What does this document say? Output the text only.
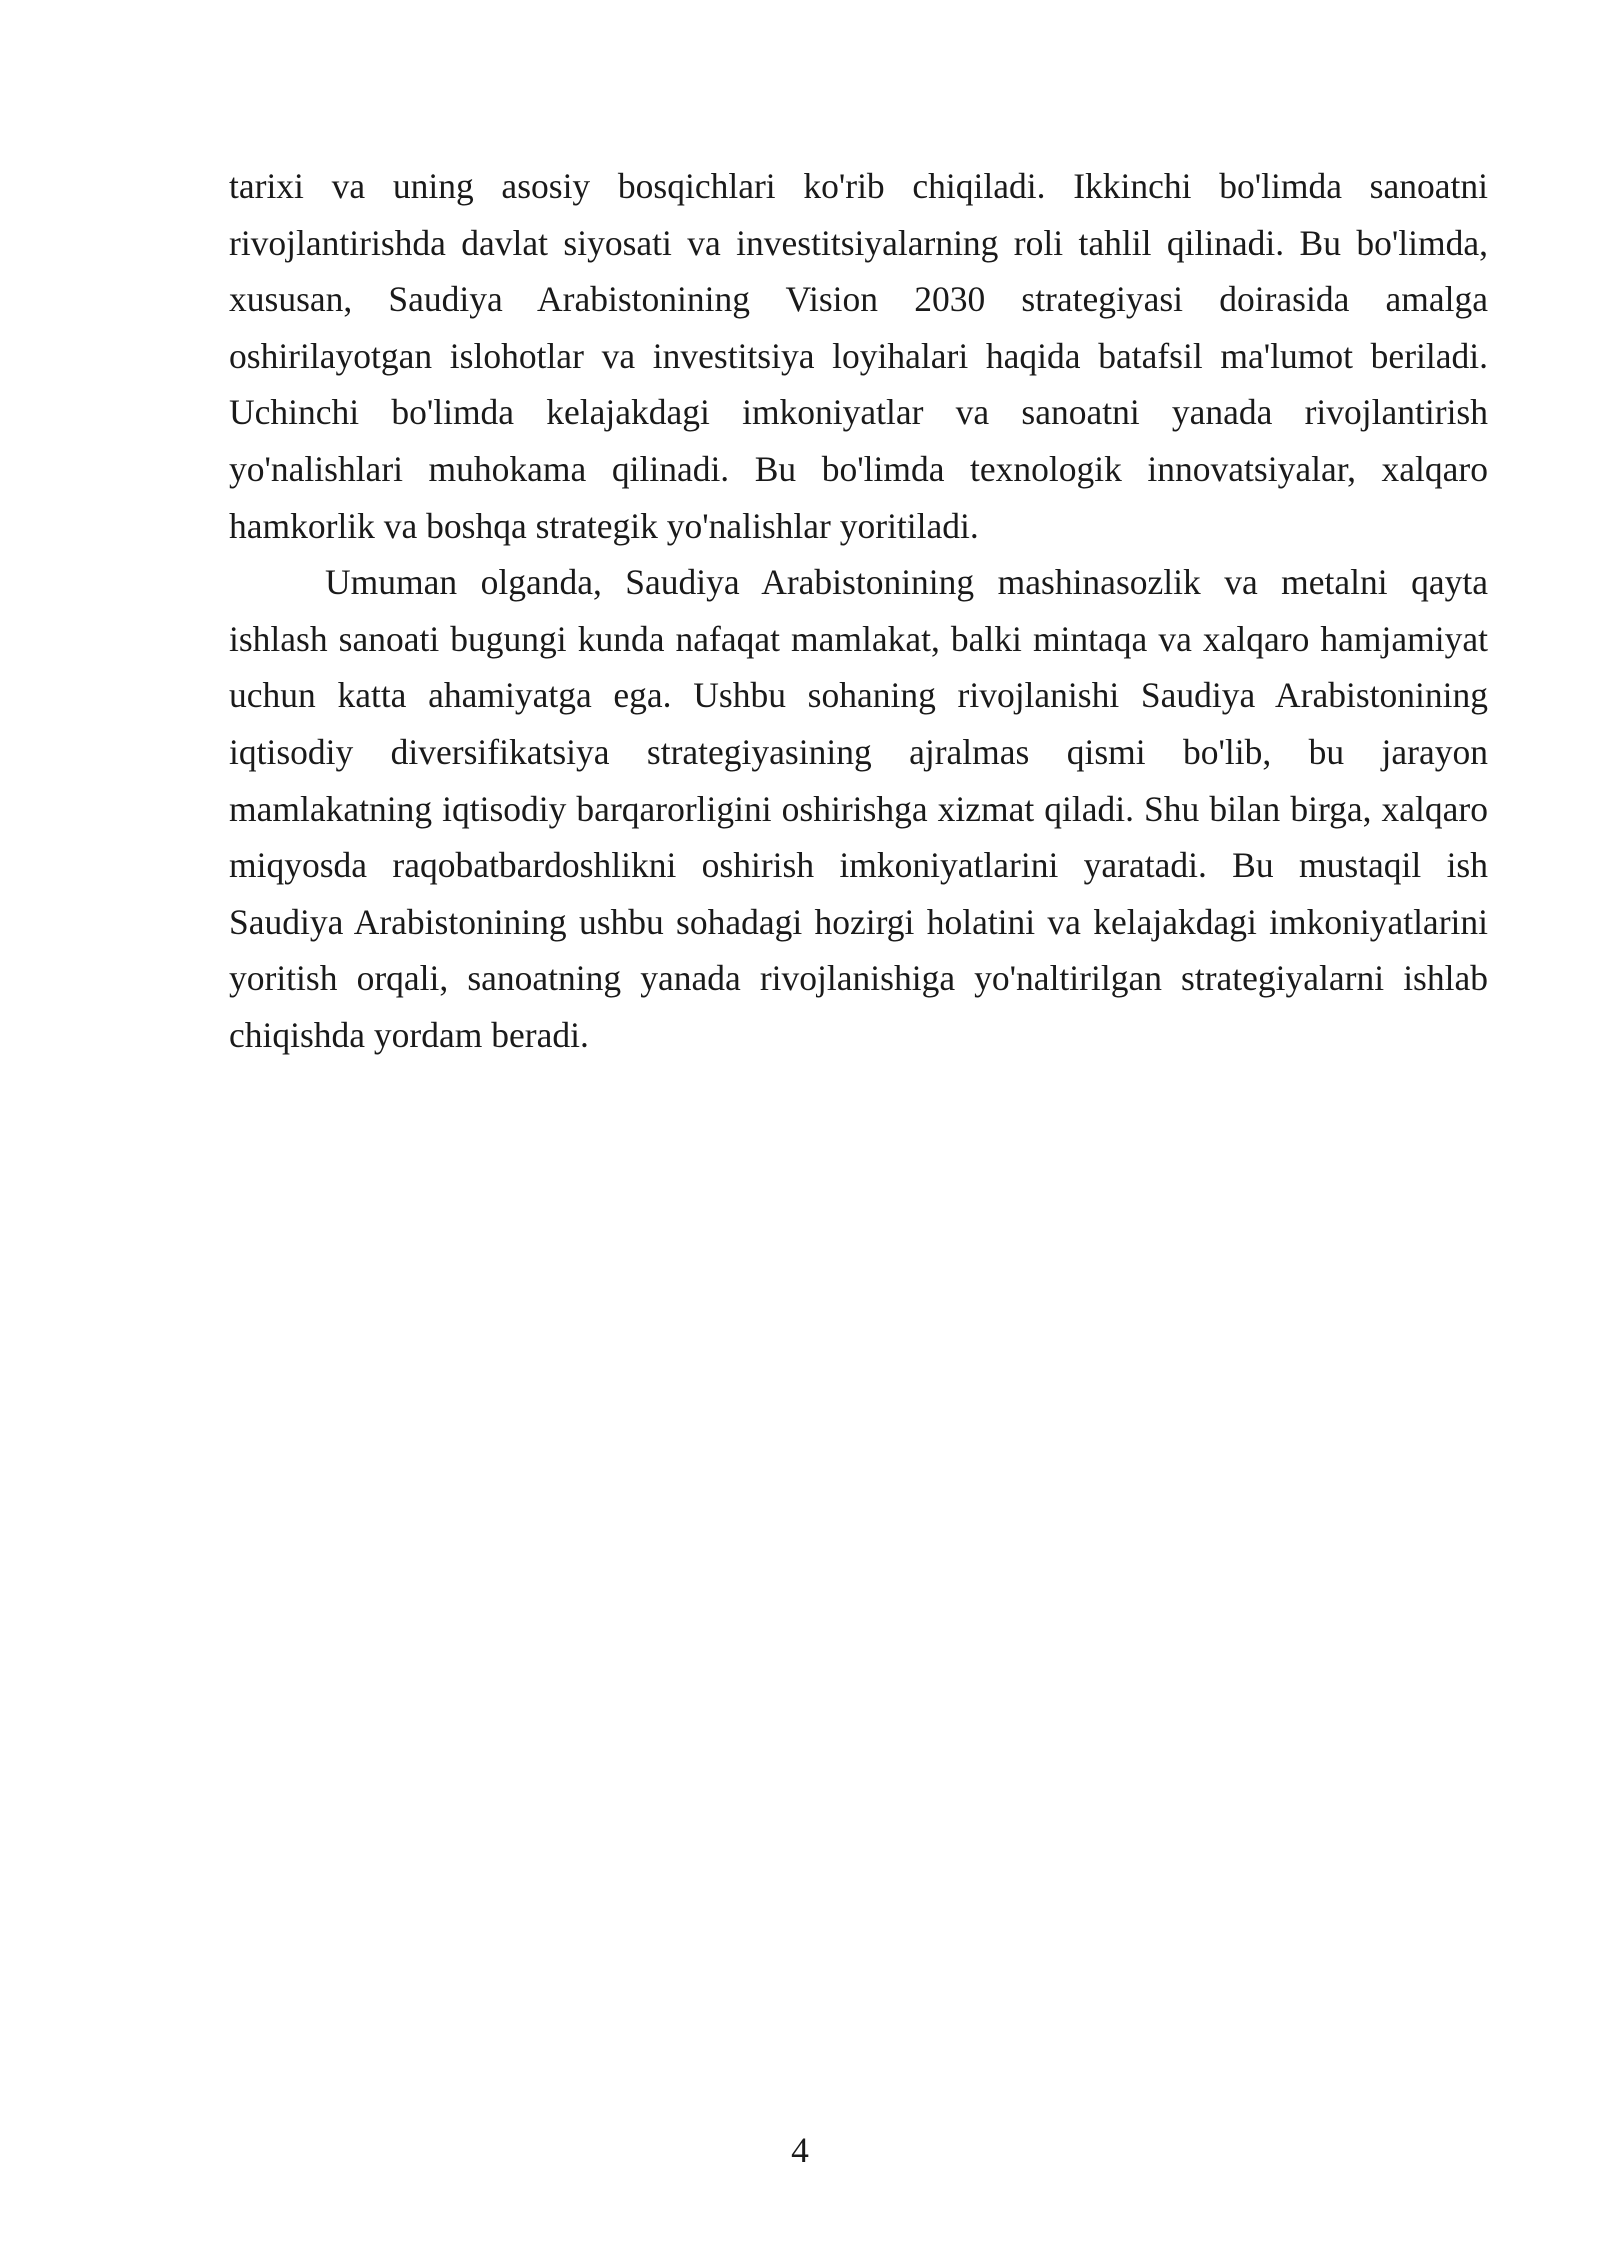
tarixi va uning asosiy bosqichlari ko'rib chiqiladi. Ikkinchi bo'limda sanoatni rivojlantirishda davlat siyosati va investitsiyalarning roli tahlil qilinadi. Bu bo'limda, xususan, Saudiya Arabistonining Vision 2030 strategiyasi doirasida amalga oshirilayotgan islohotlar va investitsiya loyihalari haqida batafsil ma'lumot beriladi. Uchinchi bo'limda kelajakdagi imkoniyatlar va sanoatni yanada rivojlantirish yo'nalishlari muhokama qilinadi. Bu bo'limda texnologik innovatsiyalar, xalqaro hamkorlik va boshqa strategik yo'nalishlar yoritiladi.

Umuman olganda, Saudiya Arabistonining mashinasozlik va metalni qayta ishlash sanoati bugungi kunda nafaqat mamlakat, balki mintaqa va xalqaro hamjamiyat uchun katta ahamiyatga ega. Ushbu sohaning rivojlanishi Saudiya Arabistonining iqtisodiy diversifikatsiya strategiyasining ajralmas qismi bo'lib, bu jarayon mamlakatning iqtisodiy barqarorligini oshirishga xizmat qiladi. Shu bilan birga, xalqaro miqyosda raqobatbardoshlikni oshirish imkoniyatlarini yaratadi. Bu mustaqil ish Saudiya Arabistonining ushbu sohadagi hozirgi holatini va kelajakdagi imkoniyatlarini yoritish orqali, sanoatning yanada rivojlanishiga yo'naltirilgan strategiyalarni ishlab chiqishda yordam beradi.

4
